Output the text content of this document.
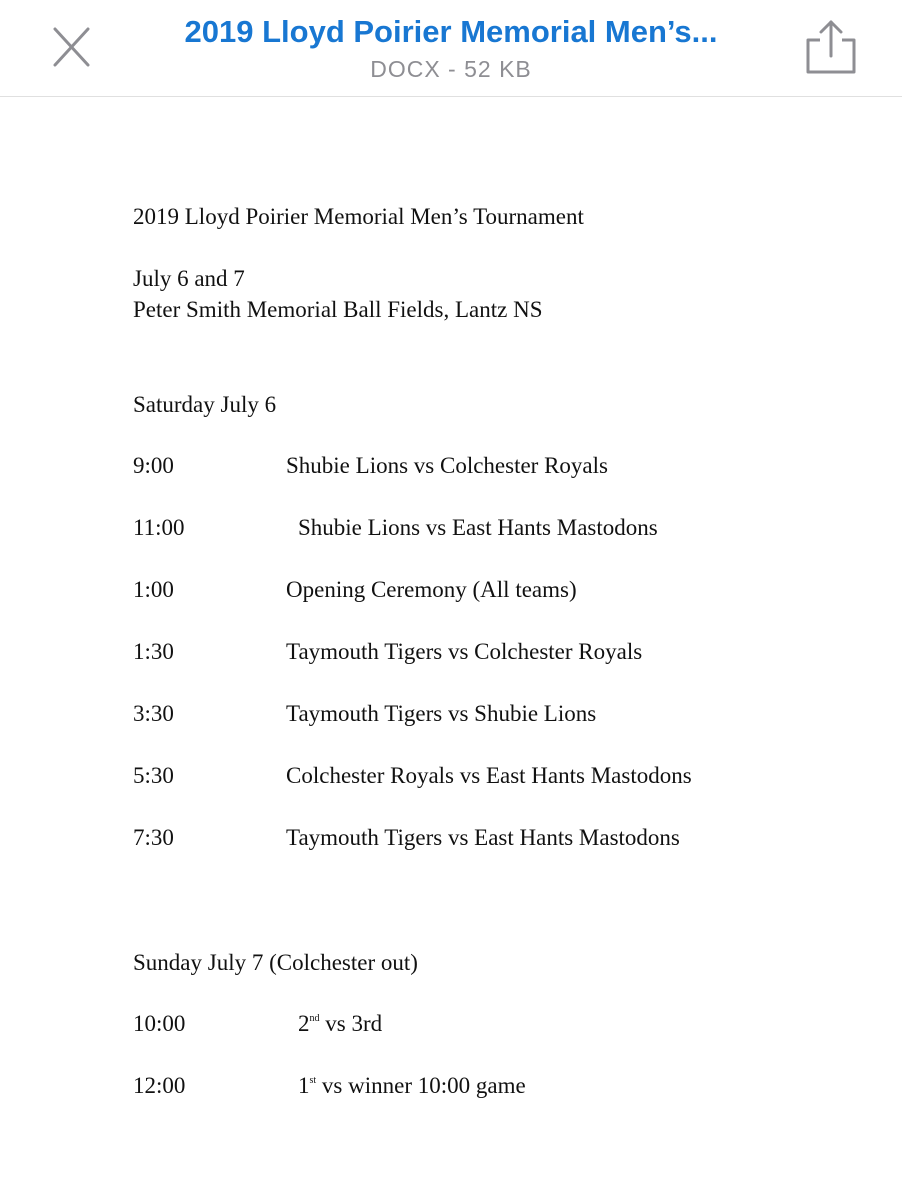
2019 Lloyd Poirier Memorial Men’s...
DOCX - 52 KB
2019 Lloyd Poirier Memorial Men’s Tournament
July 6 and 7
Peter Smith Memorial Ball Fields, Lantz NS
Saturday July 6
9:00	Shubie Lions vs Colchester Royals
11:00	Shubie Lions vs East Hants Mastodons
1:00	Opening Ceremony (All teams)
1:30	Taymouth Tigers vs Colchester Royals
3:30	Taymouth Tigers vs Shubie Lions
5:30	Colchester Royals vs East Hants Mastodons
7:30	Taymouth Tigers vs East Hants Mastodons
Sunday July 7 (Colchester out)
10:00	2nd vs 3rd
12:00	1st vs winner 10:00 game
